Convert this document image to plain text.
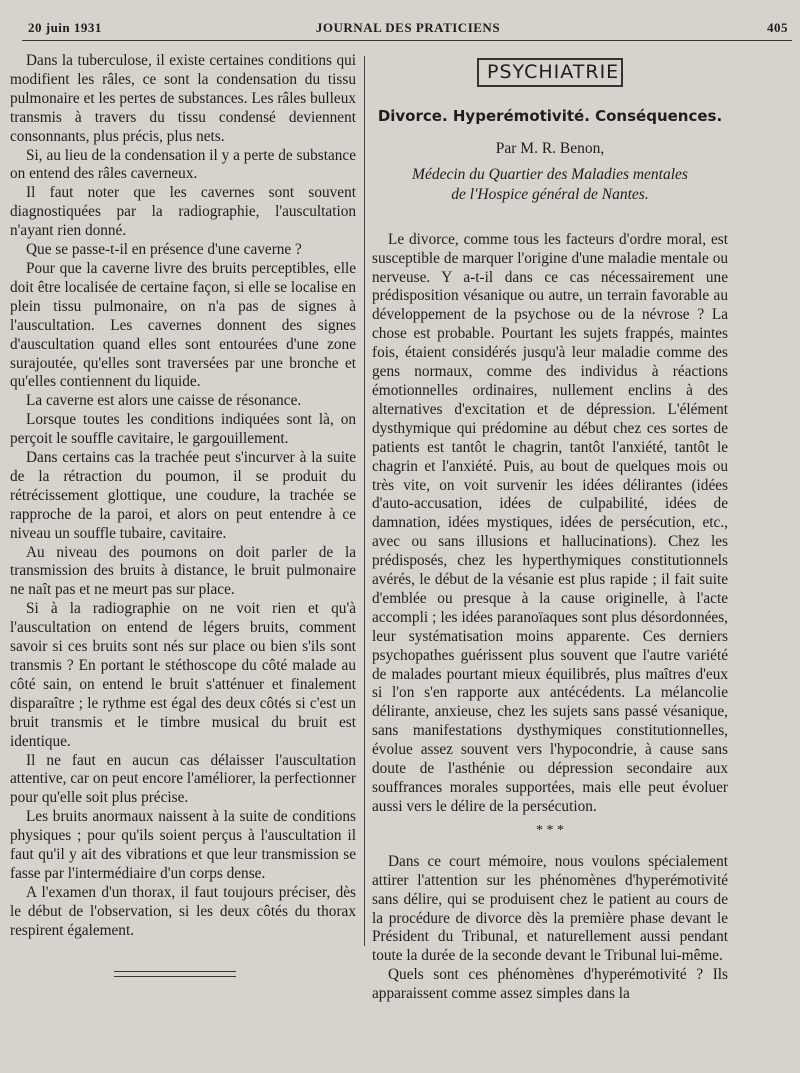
20 juin 1931	JOURNAL DES PRATICIENS	405

Dans la tuberculose, il existe certaines conditions qui modifient les râles, ce sont la condensation du tissu pulmonaire et les pertes de substances. Les râles bulleux transmis à travers du tissu condensé deviennent consonnants, plus précis, plus nets.

Si, au lieu de la condensation il y a perte de substance on entend des râles caverneux.

Il faut noter que les cavernes sont souvent diagnostiquées par la radiographie, l'auscultation n'ayant rien donné.

Que se passe-t-il en présence d'une caverne ?

Pour que la caverne livre des bruits perceptibles, elle doit être localisée de certaine façon, si elle se localise en plein tissu pulmonaire, on n'a pas de signes à l'auscultation. Les cavernes donnent des signes d'auscultation quand elles sont entourées d'une zone surajoutée, qu'elles sont traversées par une bronche et qu'elles contiennent du liquide.

La caverne est alors une caisse de résonance.

Lorsque toutes les conditions indiquées sont là, on perçoit le souffle cavitaire, le gargouillement.

Dans certains cas la trachée peut s'incurver à la suite de la rétraction du poumon, il se produit du rétrécissement glottique, une coudure, la trachée se rapproche de la paroi, et alors on peut entendre à ce niveau un souffle tubaire, cavitaire.

Au niveau des poumons on doit parler de la transmission des bruits à distance, le bruit pulmonaire ne naît pas et ne meurt pas sur place.

Si à la radiographie on ne voit rien et qu'à l'auscultation on entend de légers bruits, comment savoir si ces bruits sont nés sur place ou bien s'ils sont transmis ? En portant le stéthoscope du côté malade au côté sain, on entend le bruit s'atténuer et finalement disparaître ; le rythme est égal des deux côtés si c'est un bruit transmis et le timbre musical du bruit est identique.

Il ne faut en aucun cas délaisser l'auscultation attentive, car on peut encore l'améliorer, la perfectionner pour qu'elle soit plus précise.

Les bruits anormaux naissent à la suite de conditions physiques ; pour qu'ils soient perçus à l'auscultation il faut qu'il y ait des vibrations et que leur transmission se fasse par l'intermédiaire d'un corps dense.

A l'examen d'un thorax, il faut toujours préciser, dès le début de l'observation, si les deux côtés du thorax respirent également.

PSYCHIATRIE
Divorce. Hyperémotivité. Conséquences.
Par M. R. Benon,
Médecin du Quartier des Maladies mentales
de l'Hospice général de Nantes.

Le divorce, comme tous les facteurs d'ordre moral, est susceptible de marquer l'origine d'une maladie mentale ou nerveuse. Y a-t-il dans ce cas nécessairement une prédisposition vésanique ou autre, un terrain favorable au développement de la psychose ou de la névrose ? La chose est probable. Pourtant les sujets frappés, maintes fois, étaient considérés jusqu'à leur maladie comme des gens normaux, comme des individus à réactions émotionnelles ordinaires, nullement enclins à des alternatives d'excitation et de dépression. L'élément dysthymique qui prédomine au début chez ces sortes de patients est tantôt le chagrin, tantôt l'anxiété, tantôt le chagrin et l'anxiété. Puis, au bout de quelques mois ou très vite, on voit survenir les idées délirantes (idées d'auto-accusation, idées de culpabilité, idées de damnation, idées mystiques, idées de persécution, etc., avec ou sans illusions et hallucinations). Chez les prédisposés, chez les hyperthymiques constitutionnels avérés, le début de la vésanie est plus rapide ; il fait suite d'emblée ou presque à la cause originelle, à l'acte accompli ; les idées paranoïaques sont plus désordonnées, leur systématisation moins apparente. Ces derniers psychopathes guérissent plus souvent que l'autre variété de malades pourtant mieux équilibrés, plus maîtres d'eux si l'on s'en rapporte aux antécédents. La mélancolie délirante, anxieuse, chez les sujets sans passé vésanique, sans manifestations dysthymiques constitutionnelles, évolue assez souvent vers l'hypocondrie, à cause sans doute de l'asthénie ou dépression secondaire aux souffrances morales supportées, mais elle peut évoluer aussi vers le délire de la persécution.

* * *

Dans ce court mémoire, nous voulons spécialement attirer l'attention sur les phénomènes d'hyperémotivité sans délire, qui se produisent chez le patient au cours de la procédure de divorce dès la première phase devant le Président du Tribunal, et naturellement aussi pendant toute la durée de la seconde devant le Tribunal lui-même.

Quels sont ces phénomènes d'hyperémotivité ? Ils apparaissent comme assez simples dans la
